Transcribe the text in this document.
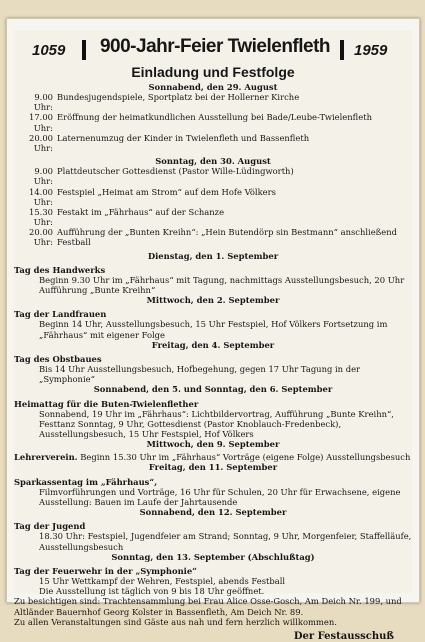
1059	900-Jahr-Feier Twielenfleth	1959
Einladung und Festfolge
Sonnabend, den 29. August
9.00 Uhr:
Bundesjugendspiele, Sportplatz bei der Hollerner Kirche
17.00 Uhr:
Eröffnung der heimatkundlichen Ausstellung bei Bade/Leube-Twielenfleth
20.00 Uhr:
Laternenumzug der Kinder in Twielenfleth und Bassenfleth
Sonntag, den 30. August
9.00 Uhr:
Plattdeutscher Gottesdienst (Pastor Wille-Lüdingworth)
14.00 Uhr:
Festspiel „Heimat am Strom“ auf dem Hofe Völkers
15.30 Uhr:
Festakt im „Fährhaus“ auf der Schanze
20.00 Uhr:
Aufführung der „Bunten Kreihn“: „Hein Butendörp sin Bestmann“ anschließend Festball
Dienstag, den 1. September
Tag des Handwerks
Beginn 9.30 Uhr im „Fährhaus“ mit Tagung, nachmittags Ausstellungsbesuch, 20 Uhr Aufführung „Bunte Kreihn“
Mittwoch, den 2. September
Tag der Landfrauen
Beginn 14 Uhr, Ausstellungsbesuch, 15 Uhr Festspiel, Hof Völkers Fortsetzung im „Fährhaus“ mit eigener Folge
Freitag, den 4. September
Tag des Obstbaues
Bis 14 Uhr Ausstellungsbesuch, Hofbegehung, gegen 17 Uhr Tagung in der „Symphonie“
Sonnabend, den 5. und Sonntag, den 6. September
Heimattag für die Buten-Twielenflether
Sonnabend, 19 Uhr im „Fährhaus“: Lichtbildervortrag, Aufführung „Bunte Kreihn“, Festtanz Sonntag, 9 Uhr, Gottesdienst (Pastor Knoblauch-Fredenbeck), Ausstellungsbesuch, 15 Uhr Festspiel, Hof Völkers
Mittwoch, den 9. September
Lehrerverein. Beginn 15.30 Uhr im „Fährhaus“ Vorträge (eigene Folge) Ausstellungsbesuch
Freitag, den 11. September
Sparkassentag im „Fährhaus“,
Filmvorführungen und Vorträge, 16 Uhr für Schulen, 20 Uhr für Erwachsene, eigene Ausstellung: Bauen im Laufe der Jahrtausende
Sonnabend, den 12. September
Tag der Jugend
18.30 Uhr: Festspiel, Jugendfeier am Strand; Sonntag, 9 Uhr, Morgenfeier, Staffelläufe, Ausstellungsbesuch
Sonntag, den 13. September (Abschlußtag)
Tag der Feuerwehr in der „Symphonie“
15 Uhr Wettkampf der Wehren, Festspiel, abends Festball
Die Ausstellung ist täglich von 9 bis 18 Uhr geöffnet.
Zu besichtigen sind: Trachtensammlung bei Frau Alice Osse-Gosch, Am Deich Nr. 199, und Altländer Bauernhof Georg Kolster in Bassenfleth, Am Deich Nr. 89.
Zu allen Veranstaltungen sind Gäste aus nah und fern herzlich willkommen.
Der Festausschuß
